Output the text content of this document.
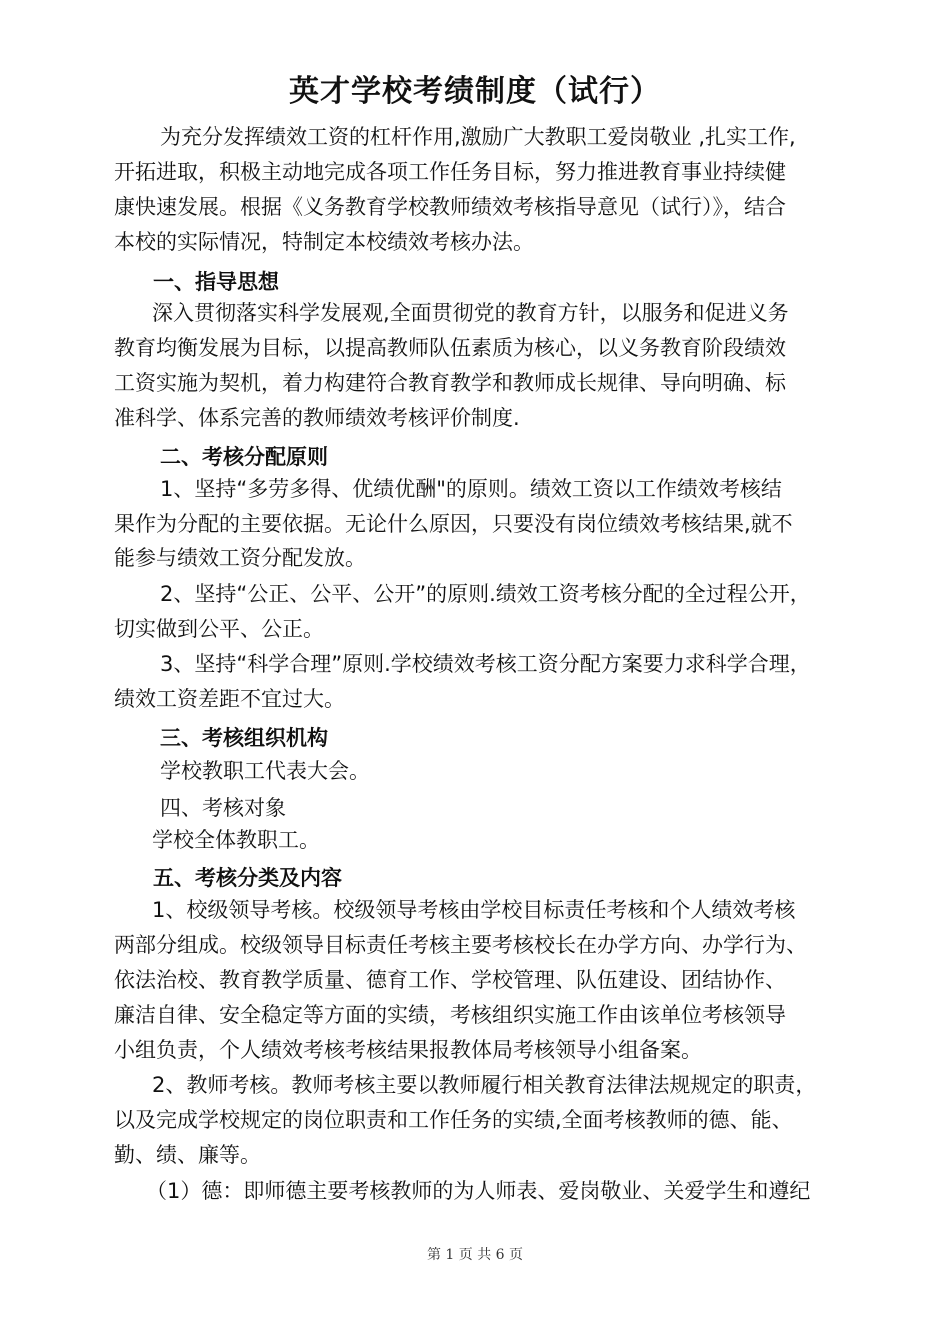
英才学校考绩制度（试行）
为充分发挥绩效工资的杠杆作用,激励广大教职工爱岗敬业 ,扎实工作,
开拓进取，积极主动地完成各项工作任务目标，努力推进教育事业持续健
康快速发展。根据《义务教育学校教师绩效考核指导意见（试行）》，结合
本校的实际情况，特制定本校绩效考核办法。
一、指导思想
深入贯彻落实科学发展观,全面贯彻党的教育方针，以服务和促进义务
教育均衡发展为目标，以提高教师队伍素质为核心，以义务教育阶段绩效
工资实施为契机，着力构建符合教育教学和教师成长规律、导向明确、标
准科学、体系完善的教师绩效考核评价制度.
二、考核分配原则
1、坚持“多劳多得、优绩优酬"的原则。绩效工资以工作绩效考核结
果作为分配的主要依据。无论什么原因，只要没有岗位绩效考核结果,就不
能参与绩效工资分配发放。
2、坚持“公正、公平、公开”的原则.绩效工资考核分配的全过程公开，
切实做到公平、公正。
3、坚持“科学合理”原则.学校绩效考核工资分配方案要力求科学合理，
绩效工资差距不宜过大。
三、考核组织机构
学校教职工代表大会。
四、考核对象
学校全体教职工。
五、考核分类及内容
1、校级领导考核。校级领导考核由学校目标责任考核和个人绩效考核
两部分组成。校级领导目标责任考核主要考核校长在办学方向、办学行为、
依法治校、教育教学质量、德育工作、学校管理、队伍建设、团结协作、
廉洁自律、安全稳定等方面的实绩，考核组织实施工作由该单位考核领导
小组负责，个人绩效考核考核结果报教体局考核领导小组备案。
2、教师考核。教师考核主要以教师履行相关教育法律法规规定的职责，
以及完成学校规定的岗位职责和工作任务的实绩,全面考核教师的德、能、
勤、绩、廉等。
（1）德：即师德主要考核教师的为人师表、爱岗敬业、关爱学生和遵纪
第 1 页 共 6 页
